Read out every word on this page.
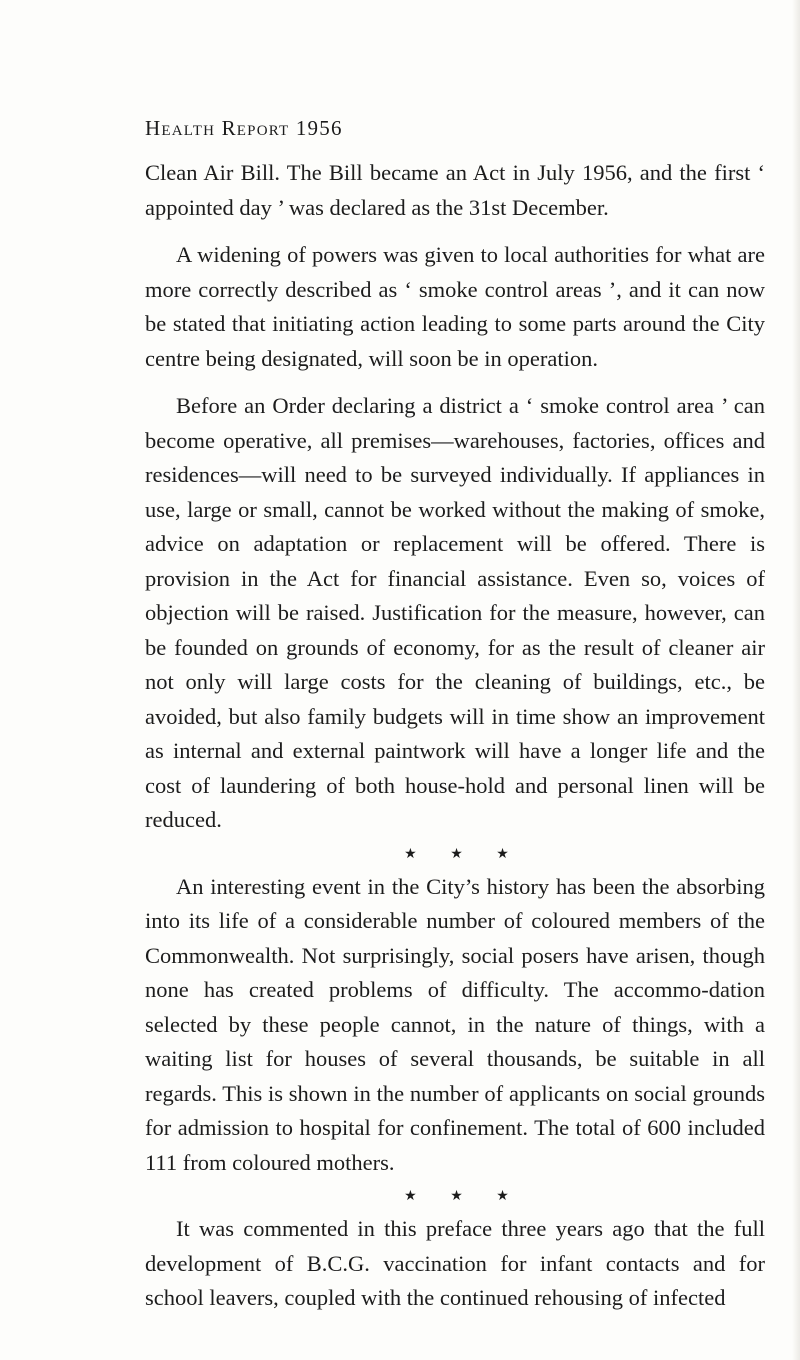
Health Report 1956

Clean Air Bill. The Bill became an Act in July 1956, and the first ‘ appointed day ’ was declared as the 31st December.

A widening of powers was given to local authorities for what are more correctly described as ‘ smoke control areas ’, and it can now be stated that initiating action leading to some parts around the City centre being designated, will soon be in operation.

Before an Order declaring a district a ‘ smoke control area ’ can become operative, all premises—warehouses, factories, offices and residences—will need to be surveyed individually. If appliances in use, large or small, cannot be worked without the making of smoke, advice on adaptation or replacement will be offered. There is provision in the Act for financial assistance. Even so, voices of objection will be raised. Justification for the measure, however, can be founded on grounds of economy, for as the result of cleaner air not only will large costs for the cleaning of buildings, etc., be avoided, but also family budgets will in time show an improvement as internal and external paintwork will have a longer life and the cost of laundering of both house-hold and personal linen will be reduced.

★ ★ ★

An interesting event in the City’s history has been the absorbing into its life of a considerable number of coloured members of the Commonwealth. Not surprisingly, social posers have arisen, though none has created problems of difficulty. The accommo-dation selected by these people cannot, in the nature of things, with a waiting list for houses of several thousands, be suitable in all regards. This is shown in the number of applicants on social grounds for admission to hospital for confinement. The total of 600 included 111 from coloured mothers.

★ ★ ★

It was commented in this preface three years ago that the full development of B.C.G. vaccination for infant contacts and for school leavers, coupled with the continued rehousing of infected
